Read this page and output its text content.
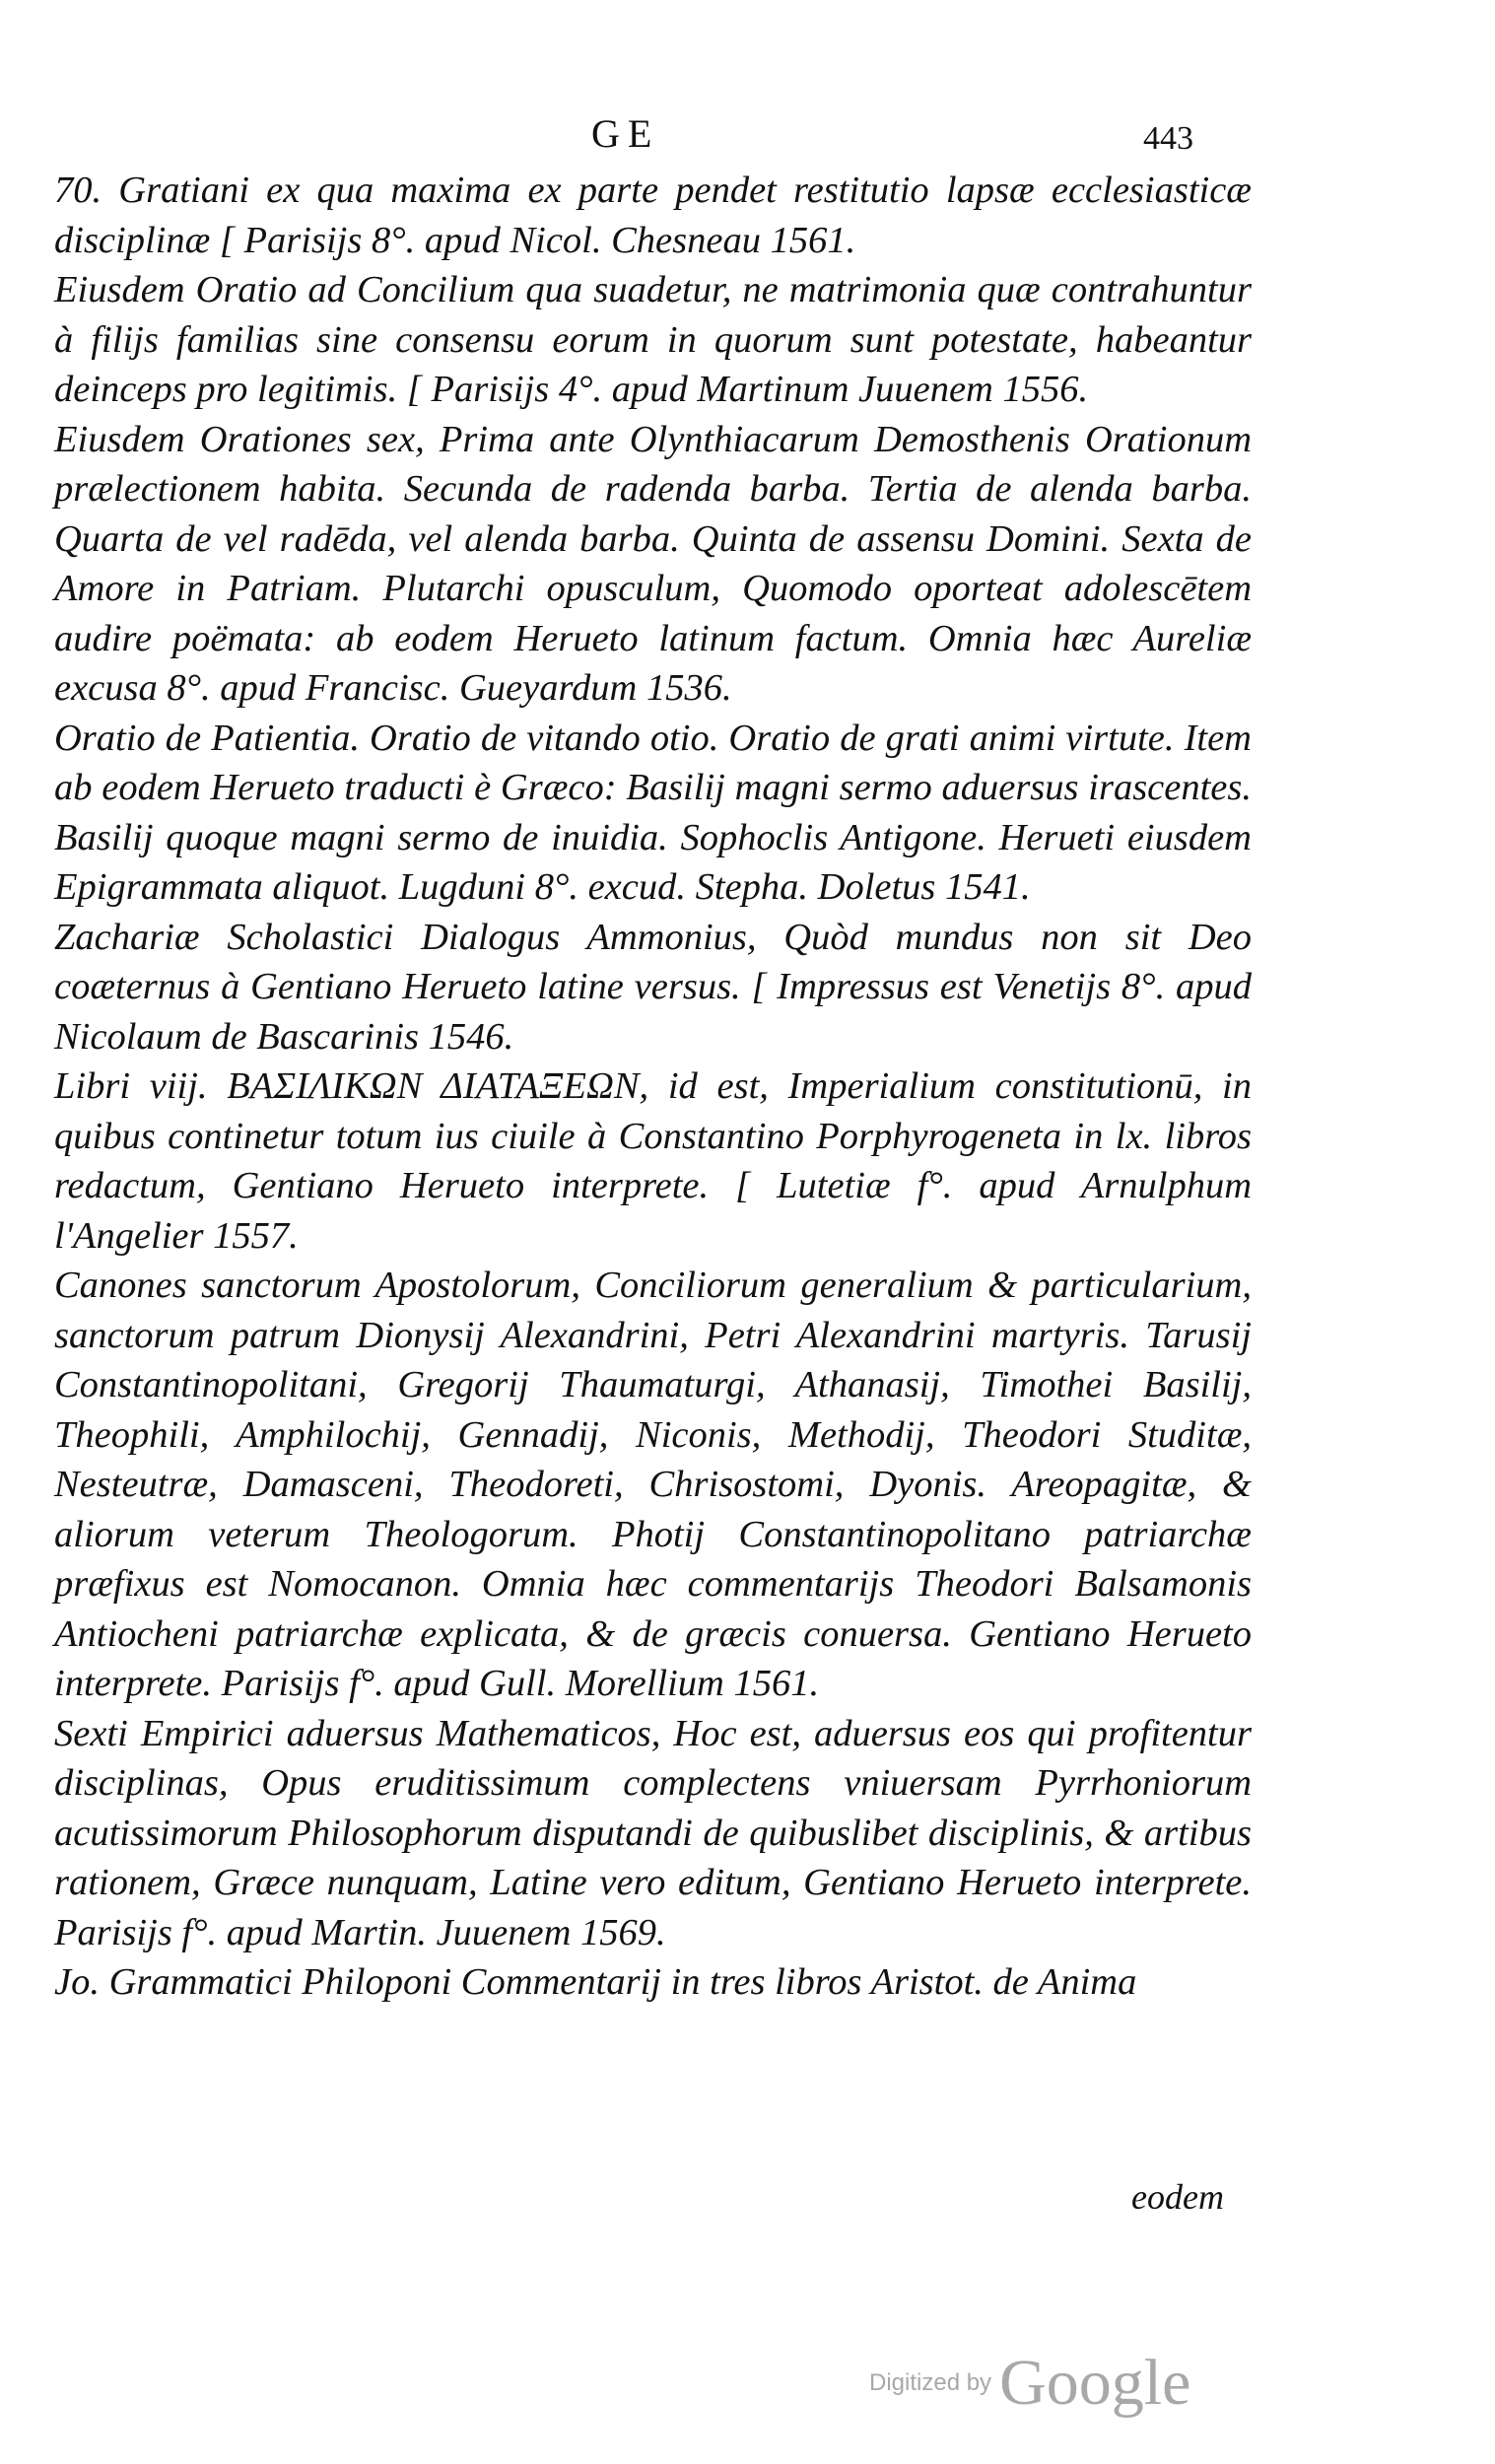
GE	443

70. Gratiani ex qua maxima ex parte pendet restitutio lapsæ ecclesiasticæ disciplinæ [ Parisijs 8°. apud Nicol. Chesneau 1561.

Eiusdem Oratio ad Concilium qua suadetur, ne matrimonia quæ contrahuntur à filijs familias sine consensu eorum in quorum sunt potestate, habeantur deinceps pro legitimis. [ Parisijs 4°. apud Martinum Juuenem 1556.

Eiusdem Orationes sex, Prima ante Olynthiacarum Demosthenis Orationum prælectionem habita. Secunda de radenda barba. Tertia de alenda barba. Quarta de vel radēda, vel alenda barba. Quinta de assensu Domini. Sexta de Amore in Patriam. Plutarchi opusculum, Quomodo oporteat adolescētem audire poëmata: ab eodem Herueto latinum factum. Omnia hæc Aureliæ excusa 8°. apud Francisc. Gueyardum 1536.

Oratio de Patientia. Oratio de vitando otio. Oratio de grati animi virtute. Item ab eodem Herueto traducti è Græco: Basilij magni sermo aduersus irascentes. Basilij quoque magni sermo de inuidia. Sophoclis Antigone. Herueti eiusdem Epigrammata aliquot. Lugduni 8°. excud. Stepha. Doletus 1541.

Zachariæ Scholastici Dialogus Ammonius, Quòd mundus non sit Deo coæternus à Gentiano Herueto latine versus. [ Impressus est Venetijs 8°. apud Nicolaum de Bascarinis 1546.

Libri viij. ΒΑΣΙΛΙΚΩΝ ΔΙΑΤΑΞΕΩΝ, id est, Imperialium constitutionū, in quibus continetur totum ius ciuile à Constantino Porphyrogeneta in lx. libros redactum, Gentiano Herueto interprete. [ Lutetiæ f°. apud Arnulphum l'Angelier 1557.

Canones sanctorum Apostolorum, Conciliorum generalium & particularium, sanctorum patrum Dionysij Alexandrini, Petri Alexandrini martyris. Tarusij Constantinopolitani, Gregorij Thaumaturgi, Athanasij, Timothei Basilij, Theophili, Amphilochij, Gennadij, Niconis, Methodij, Theodori Studitæ, Nesteutræ, Damasceni, Theodoreti, Chrisostomi, Dyonis. Areopagitæ, & aliorum veterum Theologorum. Photij Constantinopolitano patriarchæ præfixus est Nomocanon. Omnia hæc commentarijs Theodori Balsamonis Antiocheni patriarchæ explicata, & de græcis conuersa. Gentiano Herueto interprete. Parisijs f°. apud Gull. Morellium 1561.

Sexti Empirici aduersus Mathematicos, Hoc est, aduersus eos qui profitentur disciplinas, Opus eruditissimum complectens vniuersam Pyrrhoniorum acutissimorum Philosophorum disputandi de quibuslibet disciplinis, & artibus rationem, Græce nunquam, Latine vero editum, Gentiano Herueto interprete. Parisijs f°. apud Martin. Juuenem 1569.

Jo. Grammatici Philoponi Commentarij in tres libros Aristot. de Anima

eodem
Digitized by Google
